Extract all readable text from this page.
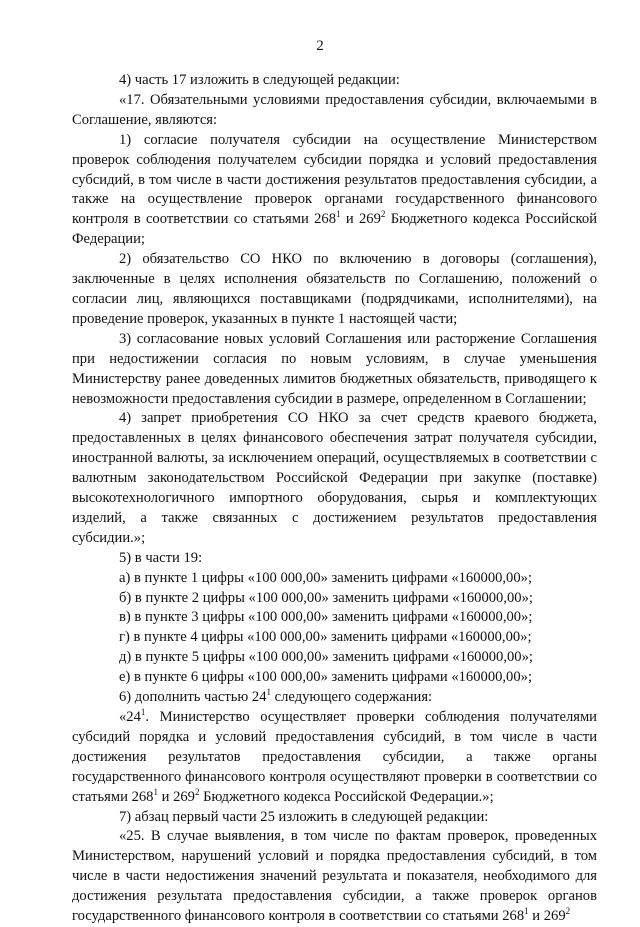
2

4) часть 17 изложить в следующей редакции:

«17. Обязательными условиями предоставления субсидии, включаемыми в Соглашение, являются:

1) согласие получателя субсидии на осуществление Министерством проверок соблюдения получателем субсидии порядка и условий предоставления субсидий, в том числе в части достижения результатов предоставления субсидии, а также на осуществление проверок органами государственного финансового контроля в соответствии со статьями $268^1$ и $269^2$ Бюджетного кодекса Российской Федерации;

2) обязательство СО НКО по включению в договоры (соглашения), заключенные в целях исполнения обязательств по Соглашению, положений о согласии лиц, являющихся поставщиками (подрядчиками, исполнителями), на проведение проверок, указанных в пункте 1 настоящей части;

3) согласование новых условий Соглашения или расторжение Соглашения при недостижении согласия по новым условиям, в случае уменьшения Министерству ранее доведенных лимитов бюджетных обязательств, приводящего к невозможности предоставления субсидии в размере, определенном в Соглашении;

4) запрет приобретения СО НКО за счет средств краевого бюджета, предоставленных в целях финансового обеспечения затрат получателя субсидии, иностранной валюты, за исключением операций, осуществляемых в соответствии с валютным законодательством Российской Федерации при закупке (поставке) высокотехнологичного импортного оборудования, сырья и комплектующих изделий, а также связанных с достижением результатов предоставления субсидии.»;

5) в части 19:

а) в пункте 1 цифры «100 000,00» заменить цифрами «160000,00»;

б) в пункте 2 цифры «100 000,00» заменить цифрами «160000,00»;

в) в пункте 3 цифры «100 000,00» заменить цифрами «160000,00»;

г) в пункте 4 цифры «100 000,00» заменить цифрами «160000,00»;

д) в пункте 5 цифры «100 000,00» заменить цифрами «160000,00»;

е) в пункте 6 цифры «100 000,00» заменить цифрами «160000,00»;

6) дополнить частью $24^1$ следующего содержания:

«$24^1$. Министерство осуществляет проверки соблюдения получателями субсидий порядка и условий предоставления субсидий, в том числе в части достижения результатов предоставления субсидии, а также органы государственного финансового контроля осуществляют проверки в соответствии со статьями $268^1$ и $269^2$ Бюджетного кодекса Российской Федерации.»;

7) абзац первый части 25 изложить в следующей редакции:

«25. В случае выявления, в том числе по фактам проверок, проведенных Министерством, нарушений условий и порядка предоставления субсидий, в том числе в части недостижения значений результата и показателя, необходимого для достижения результата предоставления субсидии, а также проверок органов государственного финансового контроля в соответствии со статьями $268^1$ и $269^2$
